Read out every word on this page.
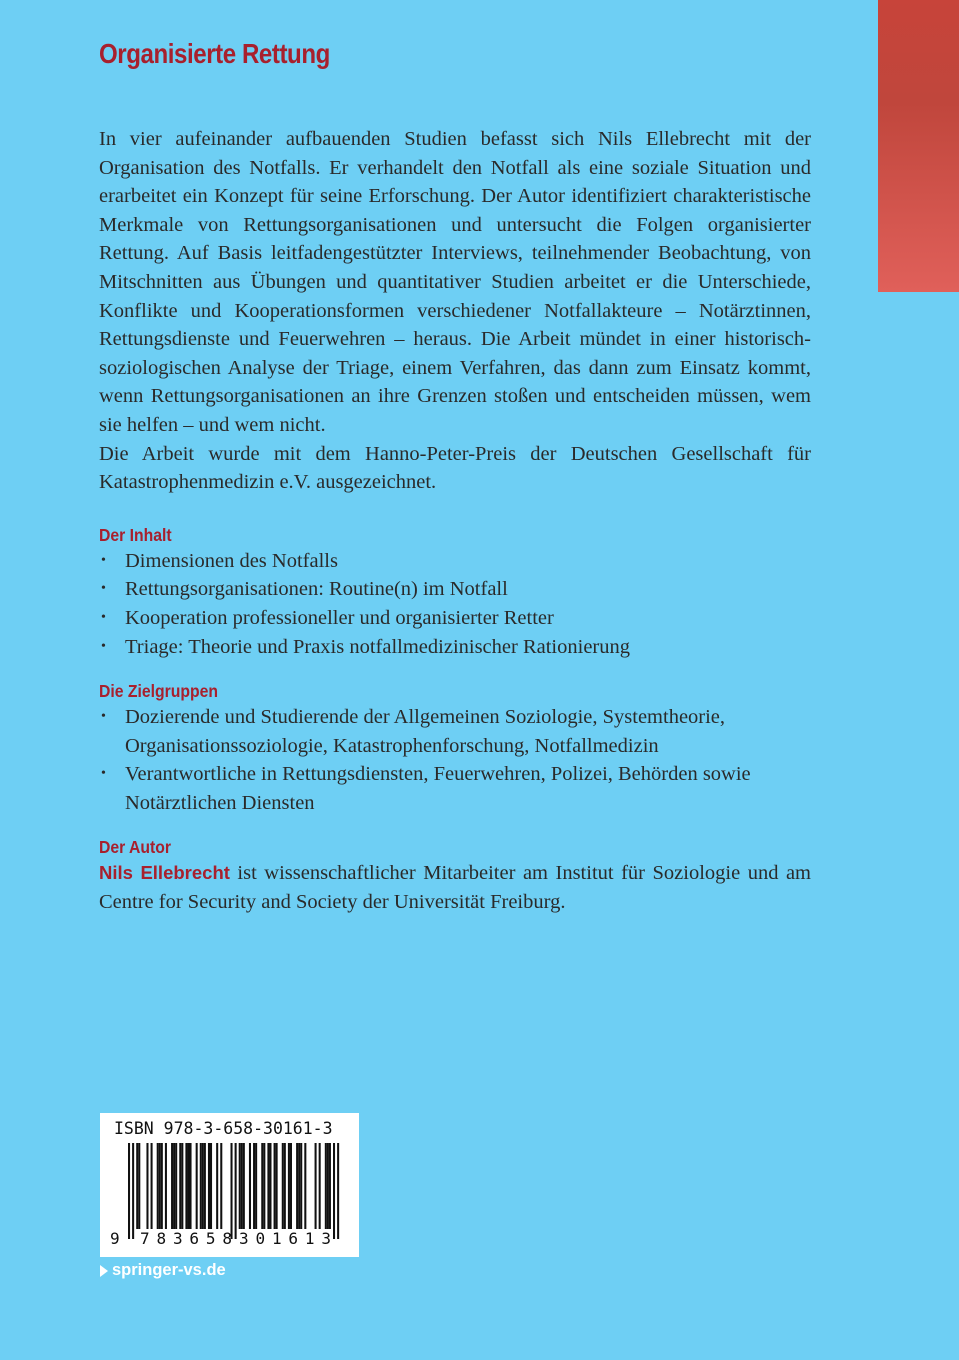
Organisierte Rettung

In vier aufeinander aufbauenden Studien befasst sich Nils Ellebrecht mit der Organisation des Notfalls. Er verhandelt den Notfall als eine soziale Situation und erarbeitet ein Konzept für seine Erforschung. Der Autor identifiziert charakteristische Merkmale von Rettungsorganisationen und untersucht die Folgen organisierter Rettung. Auf Basis leitfadengestützter Interviews, teilnehmender Beobachtung, von Mitschnitten aus Übungen und quantitativer Studien arbeitet er die Unterschiede, Konflikte und Kooperationsformen verschiedener Notfallakteure – Notärztinnen, Rettungsdienste und Feuerwehren – heraus. Die Arbeit mündet in einer historisch-soziologischen Analyse der Triage, einem Verfahren, das dann zum Einsatz kommt, wenn Rettungsorganisationen an ihre Grenzen stoßen und entscheiden müssen, wem sie helfen – und wem nicht.

Die Arbeit wurde mit dem Hanno-Peter-Preis der Deutschen Gesellschaft für Katastrophenmedizin e.V. ausgezeichnet.

Der Inhalt
• Dimensionen des Notfalls
• Rettungsorganisationen: Routine(n) im Notfall
• Kooperation professioneller und organisierter Retter
• Triage: Theorie und Praxis notfallmedizinischer Rationierung
Die Zielgruppen
• Dozierende und Studierende der Allgemeinen Soziologie, Systemtheorie, Organisationssoziologie, Katastrophenforschung, Notfallmedizin
• Verantwortliche in Rettungsdiensten, Feuerwehren, Polizei, Behörden sowie Notärztlichen Diensten
Der Autor

Nils Ellebrecht ist wissenschaftlicher Mitarbeiter am Institut für Soziologie und am Centre for Security and Society der Universität Freiburg.

ISBN 978-3-658-30161-3
9 783658 301613
springer-vs.de
